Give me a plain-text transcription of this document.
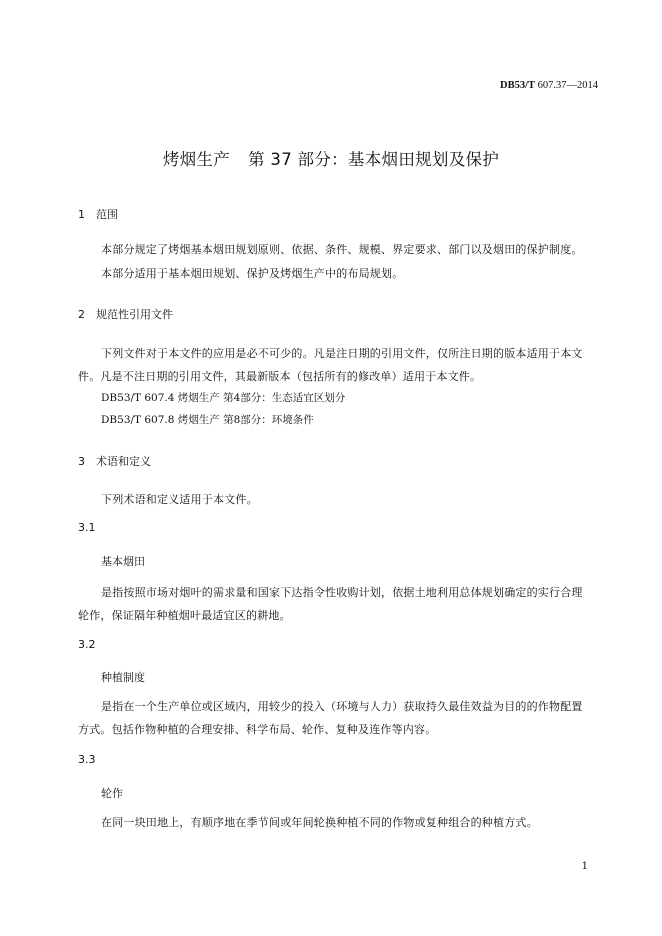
DB53/T 607.37—2014
烤烟生产 第 37 部分：基本烟田规划及保护
1 范围
本部分规定了烤烟基本烟田规划原则、依据、条件、规模、界定要求、部门以及烟田的保护制度。
本部分适用于基本烟田规划、保护及烤烟生产中的布局规划。
2 规范性引用文件
下列文件对于本文件的应用是必不可少的。凡是注日期的引用文件，仅所注日期的版本适用于本文
件。凡是不注日期的引用文件，其最新版本（包括所有的修改单）适用于本文件。
DB53/T 607.4 烤烟生产 第4部分：生态适宜区划分
DB53/T 607.8 烤烟生产 第8部分：环境条件
3 术语和定义
下列术语和定义适用于本文件。
3.1
基本烟田
是指按照市场对烟叶的需求量和国家下达指令性收购计划，依据土地利用总体规划确定的实行合理
轮作，保证隔年种植烟叶最适宜区的耕地。
3.2
种植制度
是指在一个生产单位或区域内，用较少的投入（环境与人力）获取持久最佳效益为目的的作物配置
方式。包括作物种植的合理安排、科学布局、轮作、复种及连作等内容。
3.3
轮作
在同一块田地上，有顺序地在季节间或年间轮换种植不同的作物或复种组合的种植方式。
1
